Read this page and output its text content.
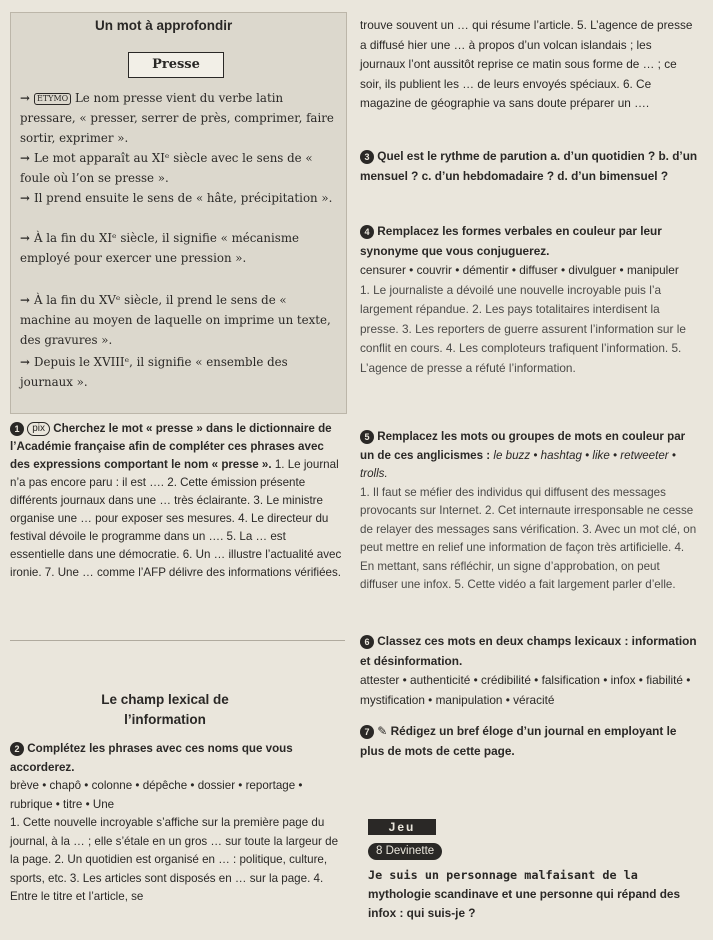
Un mot à approfondir
Presse
→ ÉTYMO Le nom presse vient du verbe latin pressare, « presser, serrer de près, comprimer, faire sortir, exprimer ».
→ Le mot apparaît au XIᵉ siècle avec le sens de « foule où l’on se presse ».
→ Il prend ensuite le sens de « hâte, précipitation ».
→ À la fin du XIᵉ siècle, il signifie « mécanisme employé pour exercer une pression ».
→ À la fin du XVᵉ siècle, il prend le sens de « machine au moyen de laquelle on imprime un texte, des gravures ».
→ Depuis le XVIIIᵉ, il signifie « ensemble des journaux ».
1 pix Cherchez le mot « presse » dans le dictionnaire de l’Académie française afin de compléter ces phrases avec des expressions comportant le nom « presse ». 1. Le journal n’a pas encore paru : il est …. 2. Cette émission présente différents journaux dans une … très éclairante. 3. Le ministre organise une … pour exposer ses mesures. 4. Le directeur du festival dévoile le programme dans un …. 5. La … est essentielle dans une démocratie. 6. Un … illustre l’actualité avec ironie. 7. Une … comme l’AFP délivre des informations vérifiées.
Le champ lexical de l’information
2 Complétez les phrases avec ces noms que vous accorderez.
brève • chapô • colonne • dépêche • dossier • reportage • rubrique • titre • Une
1. Cette nouvelle incroyable s’affiche sur la première page du journal, à la … ; elle s’étale en un gros … sur toute la largeur de la page. 2. Un quotidien est organisé en … : politique, culture, sports, etc. 3. Les articles sont disposés en … sur la page. 4. Entre le titre et l’article, se
trouve souvent un … qui résume l’article. 5. L’agence de presse a diffusé hier une … à propos d’un volcan islandais ; les journaux l’ont aussitôt reprise ce matin sous forme de … ; ce soir, ils publient les … de leurs envoyés spéciaux. 6. Ce magazine de géographie va sans doute préparer un ….
3 Quel est le rythme de parution a. d’un quotidien ? b. d’un mensuel ? c. d’un hebdomadaire ? d. d’un bimensuel ?
4 Remplacez les formes verbales en couleur par leur synonyme que vous conjuguerez.
censurer • couvrir • démentir • diffuser • divulguer • manipuler
1. Le journaliste a dévoilé une nouvelle incroyable puis l’a largement répandue. 2. Les pays totalitaires interdisent la presse. 3. Les reporters de guerre assurent l’information sur le conflit en cours. 4. Les comploteurs trafiquent l’information. 5. L’agence de presse a réfuté l’information.
5 Remplacez les mots ou groupes de mots en couleur par un de ces anglicismes : le buzz • hashtag • like • retweeter • trolls.
1. Il faut se méfier des individus qui diffusent des messages provocants sur Internet. 2. Cet internaute irresponsable ne cesse de relayer des messages sans vérification. 3. Avec un mot clé, on peut mettre en relief une information de façon très artificielle. 4. En mettant, sans réfléchir, un signe d’approbation, on peut diffuser une infox. 5. Cette vidéo a fait largement parler d’elle.
6 Classez ces mots en deux champs lexicaux : information et désinformation.
attester • authenticité • crédibilité • falsification • infox • fiabilité • mystification • manipulation • véracité
7 ✎ Rédigez un bref éloge d’un journal en employant le plus de mots de cette page.
Jeu
8 Devinette
Je suis un personnage malfaisant de la
mythologie scandinave et une personne qui répand des infox : qui suis-je ?
